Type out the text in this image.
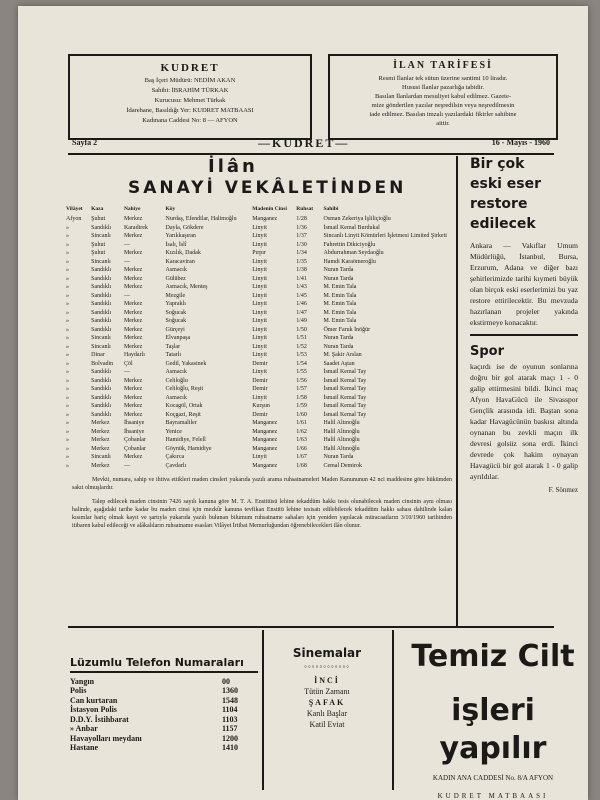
KUDRET
Baş İçeri Müdürü: NEDİM AKAN
Sahibi: İBRAHİM TÜRKAK
Kurucusu: Mehmet Türkak
İdarehane, Basıldığı Yer: KUDRET MATBAASI
Kadınana Caddesi No: 8 — AFYON
İLAN TARİFESİ
Resmi İlanlar tek sütun üzerine santimi 10 liradır.
Hususi İlanlar pazarlığa tabidir.
Basılan İlanlardan mesuliyet kabul edilmez. Gazete-
mize gönderilen yazılar neşredilsin veya neşredilmesin
iade edilmez. Basılan imzalı yazılardaki fikirler sahibine
aittir.
Sayfa 2	—KUDRET—	16 - Mayıs - 1960
İlân
SANAYİ VEKÂLETİNDEN
Vilâyet	Kaza	Nahiye	Köy	Madenin Cinsi	Ruhsat	Sahibi
Afyon	Şuhut	Merkez	Nurdaş, Efendilar, Halimoğlu	Manganez	1/28	Osman Zekeriya İşliliçioğlu
»	Sandıklı	Karadirek	Dayla, Gökdere	Linyit	1/36	İsmail Kemal Burdukal
»	Sincanlı	Merkez	Yarıkkaşıran	Linyit	1/37	Sincanlı Linyit Kömürleri İşletmesi Limited Şirketi
»	Şuhut	—	İsalı, İslî	Linyit	1/30	Fahrettin Dikiciyoğlu
»	Şuhut	Merkez	Kızılık, Dadak	Pırpır	1/34	Abdurrahman Seydaoğlu
»	Sincanlı	—	Karacaviran	Linyit	1/35	Hamdi Karaömeroğlu
»	Sandıklı	Merkez	Asmacık	Linyit	1/38	Nuran Tarda
»	Sandıklı	Merkez	Gülübez	Linyit	1/41	Nuran Tarda
»	Sandıklı	Merkez	Asmacık, Menteş	Linyit	1/43	M. Emin Tala
»	Sandıklı	—	Mezgile	Linyit	1/45	M. Emin Tala
»	Sandıklı	Merkez	Yapraklı	Linyit	1/46	M. Emin Tala
»	Sandıklı	Merkez	Soğucak	Linyit	1/47	M. Emin Tala
»	Sandıklı	Merkez	Soğucak	Linyit	1/49	M. Emin Tala
»	Sandıklı	Merkez	Gürçeyi	Linyit	1/50	Ömer Faruk İnöğür
»	Sincanlı	Merkez	Elvanpaşa	Linyit	1/51	Nuran Tarda
»	Sincanlı	Merkez	Taşlar	Linyit	1/52	Nuran Tarda
»	Dinar	Haydarlı	Tatarlı	Linyit	1/53	M. Şakir Arslan
»	Bolvadin	Çöl	Gedil, Yakasinek	Demir	1/54	Saadet Aştan
»	Sandıklı	—	Asmacık	Linyit	1/55	İsmail Kemal Tay
»	Sandıklı	Merkez	Celiloğlu	Demir	1/56	İsmail Kemal Tay
»	Sandıklı	Merkez	Celiloğlu, Reşit	Demir	1/57	İsmail Kemal Tay
»	Sandıklı	Merkez	Asmacık	Linyit	1/58	İsmail Kemal Tay
»	Sandıklı	Merkez	Kocagöl, Ortak	Kurşun	1/59	İsmail Kemal Tay
»	Sandıklı	Merkez	Koçgazi, Reşit	Demir	1/60	İsmail Kemal Tay
»	Merkez	İhsaniye	Bayramaliler	Manganez	1/61	Halil Altınoğlu
»	Merkez	İhsaniye	Yenice	Manganez	1/62	Halil Altınoğlu
»	Merkez	Çobanlar	Hamidiye, Felell	Manganez	1/63	Halil Altınoğlu
»	Merkez	Çobanlar	Göynük, Hamidiye	Manganez	1/66	Halil Altınoğlu
»	Sincanlı	Merkez	Çakırca	Linyit	1/67	Nuran Tarda
»	Merkez	—	Çavdarlı	Manganez	1/68	Cemal Demirok
Mevkii, numara, sahip ve ihtiva ettikleri maden cinsleri yukarıda yazılı arama ruhsatnameleri Maden Kanununun 42 nci maddesine göre hükümden sakıt olmuşlardır.
Talep edilecek maden cinsinin 7426 sayılı kanuna göre M. T. A. Enstitüsü lehine tekaddüm hakkı tesis olunabilecek maden cinsinin aynı olması halinde, aşağıdaki tarihe kadar bu maden cinsi için mezkûr kanuna tevfikan Enstitü lehine tesisatı edilebilecek tekaddüm hakkı sahası dahilinde kalan kısımlar hariç olmak kayıt ve şartıyla yukarıda yazılı bulunan bilumum ruhsatname sahaları için yeniden yapılacak müracaatların 3/10/1960 tarihinden itibaren kabul edileceği ve alâkalıların ruhsatname esasları Vilâyet İrtibat Memurluğundan öğrenebilecekleri ilân olunur.
Bir çok
eski eser
restore
edilecek
Ankara — Vakıflar Umum Müdürlüğü, İstanbul, Bursa, Erzurum, Adana ve diğer bazı şehirlerimizde tarihi kıymeti büyük olan birçok eski eserlerimizi bu yaz restore ettirilecektir. Bu mevzuda hazırlanan projeler yakında ekstirmeye konacaktır.
Spor
kaçırdı ise de oyunun sonlarına doğru bir gol atarak maçı 1 - 0 galip ettirmesini bildi. İkinci maç Afyon HavaGücü ile Sivasspor Gençlik arasında idi. Baştan sona kadar Havagücünün baskısı altında oynanan bu zevkli maçın ilk devresi golsüz sona erdi. İkinci devrede çok hakim oynayan Havagücü bir gol atarak 1 - 0 galip ayrıldılar.
F. Sönmez
Lüzumlu Telefon Numaraları
Yangın	00
Polis	1360
Can kurtaran	1548
İstasyon Polis	1104
D.D.Y. İstihbarat	1103
» Anbar	1157
Havayolları meydanı	1200
Hastane	1410
Sinemalar
◦◦◦◦◦◦◦◦◦◦◦◦
İNCİ
Tütün Zamanı
ŞAFAK
Kanlı Başlar
Katil Eviat
Temiz Cilt
işleri yapılır
KADIN ANA CADDESİ No. 8/A AFYON
KUDRET MATBAASI
